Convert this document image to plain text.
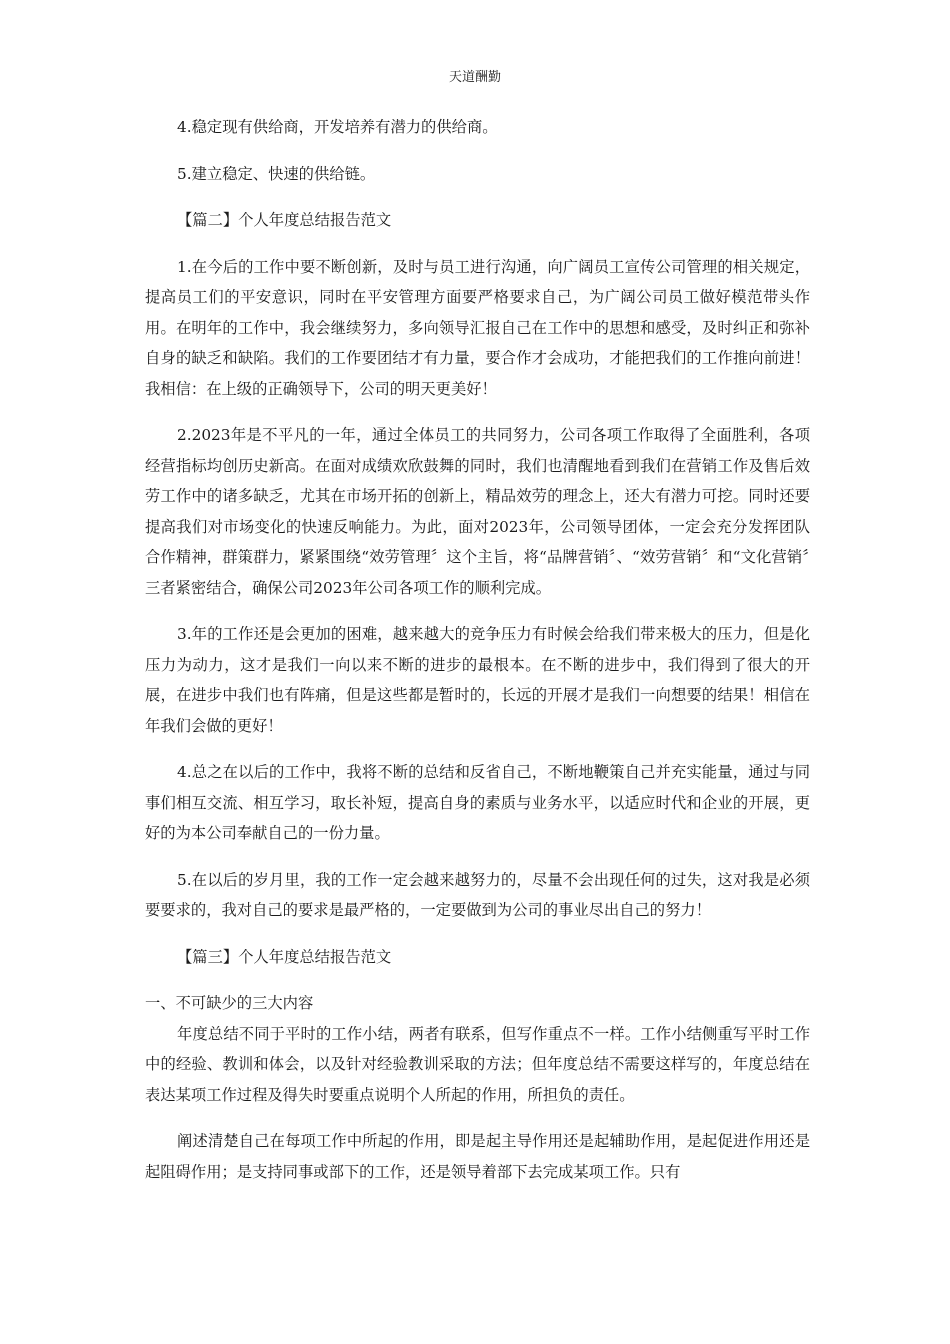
天道酬勤

4.稳定现有供给商，开发培养有潜力的供给商。

5.建立稳定、快速的供给链。

【篇二】个人年度总结报告范文

1.在今后的工作中要不断创新，及时与员工进行沟通，向广阔员工宣传公司管理的相关规定，提高员工们的平安意识，同时在平安管理方面要严格要求自己，为广阔公司员工做好模范带头作用。在明年的工作中，我会继续努力，多向领导汇报自己在工作中的思想和感受，及时纠正和弥补自身的缺乏和缺陷。我们的工作要团结才有力量，要合作才会成功，才能把我们的工作推向前进！我相信：在上级的正确领导下，公司的明天更美好！

2.2023年是不平凡的一年，通过全体员工的共同努力，公司各项工作取得了全面胜利，各项经营指标均创历史新高。在面对成绩欢欣鼓舞的同时，我们也清醒地看到我们在营销工作及售后效劳工作中的诸多缺乏，尤其在市场开拓的创新上，精品效劳的理念上，还大有潜力可挖。同时还要提高我们对市场变化的快速反响能力。为此，面对2023年，公司领导团体，一定会充分发挥团队合作精神，群策群力，紧紧围绕“效劳管理〞这个主旨，将“品牌营销〞、“效劳营销〞和“文化营销〞三者紧密结合，确保公司2023年公司各项工作的顺利完成。

3.年的工作还是会更加的困难，越来越大的竞争压力有时候会给我们带来极大的压力，但是化压力为动力，这才是我们一向以来不断的进步的最根本。在不断的进步中，我们得到了很大的开展，在进步中我们也有阵痛，但是这些都是暂时的，长远的开展才是我们一向想要的结果！相信在年我们会做的更好！

4.总之在以后的工作中，我将不断的总结和反省自己，不断地鞭策自己并充实能量，通过与同事们相互交流、相互学习，取长补短，提高自身的素质与业务水平，以适应时代和企业的开展，更好的为本公司奉献自己的一份力量。

5.在以后的岁月里，我的工作一定会越来越努力的，尽量不会出现任何的过失，这对我是必须要要求的，我对自己的要求是最严格的，一定要做到为公司的事业尽出自己的努力！

【篇三】个人年度总结报告范文

一、不可缺少的三大内容

年度总结不同于平时的工作小结，两者有联系，但写作重点不一样。工作小结侧重写平时工作中的经验、教训和体会，以及针对经验教训采取的方法；但年度总结不需要这样写的，年度总结在表达某项工作过程及得失时要重点说明个人所起的作用，所担负的责任。

阐述清楚自己在每项工作中所起的作用，即是起主导作用还是起辅助作用，是起促进作用还是起阻碍作用；是支持同事或部下的工作，还是领导着部下去完成某项工作。只有
